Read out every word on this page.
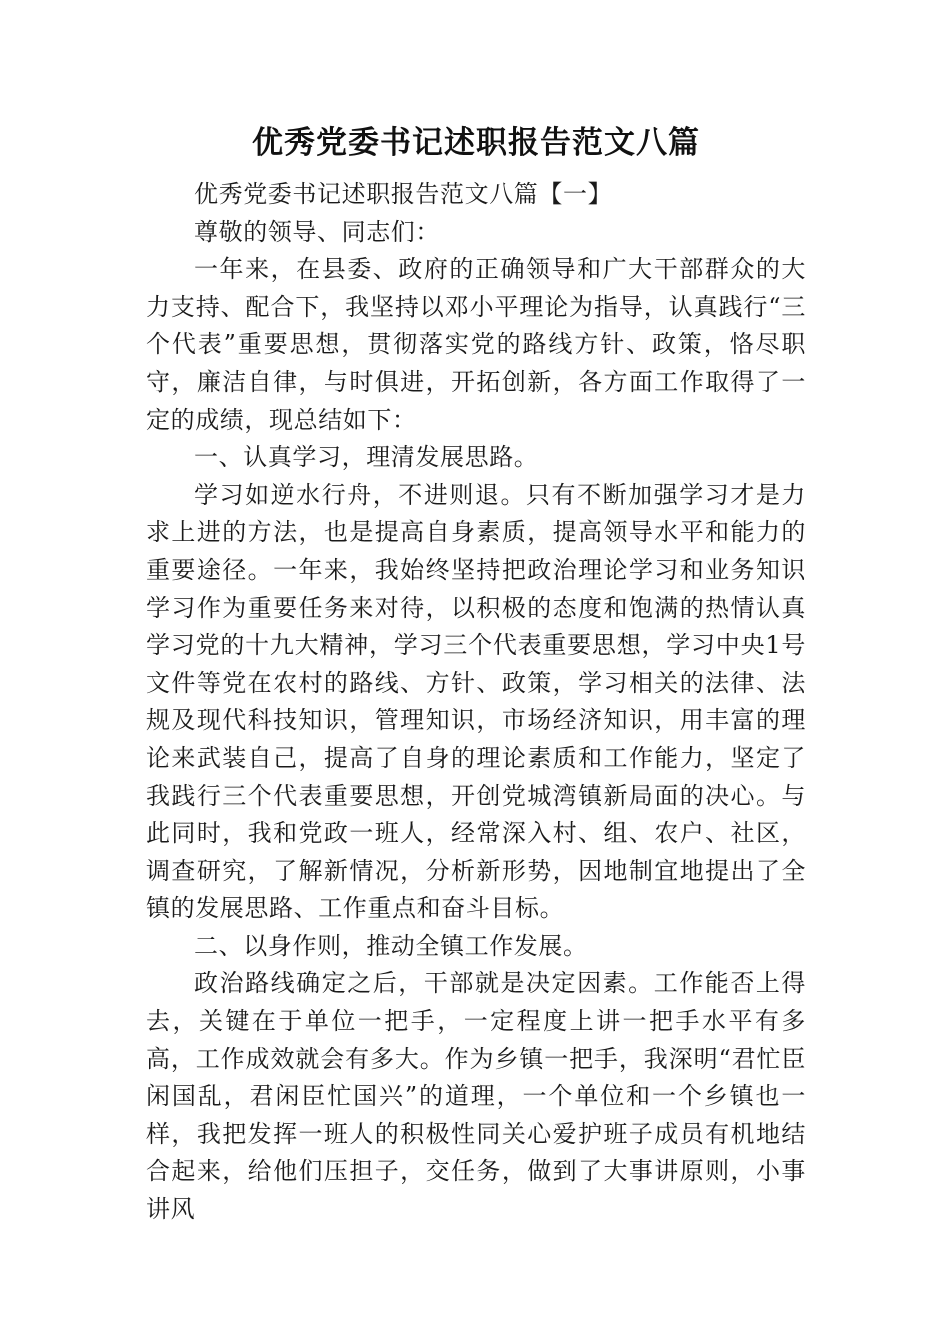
优秀党委书记述职报告范文八篇

优秀党委书记述职报告范文八篇【一】

尊敬的领导、同志们：

一年来，在县委、政府的正确领导和广大干部群众的大力支持、配合下，我坚持以邓小平理论为指导，认真践行“三个代表”重要思想，贯彻落实党的路线方针、政策，恪尽职守，廉洁自律，与时俱进，开拓创新，各方面工作取得了一定的成绩，现总结如下：

一、认真学习，理清发展思路。

学习如逆水行舟，不进则退。只有不断加强学习才是力求上进的方法，也是提高自身素质，提高领导水平和能力的重要途径。一年来，我始终坚持把政治理论学习和业务知识学习作为重要任务来对待，以积极的态度和饱满的热情认真学习党的十九大精神，学习三个代表重要思想，学习中央1号文件等党在农村的路线、方针、政策，学习相关的法律、法规及现代科技知识，管理知识，市场经济知识，用丰富的理论来武装自己，提高了自身的理论素质和工作能力，坚定了我践行三个代表重要思想，开创党城湾镇新局面的决心。与此同时，我和党政一班人，经常深入村、组、农户、社区，调查研究，了解新情况，分析新形势，因地制宜地提出了全镇的发展思路、工作重点和奋斗目标。

二、以身作则，推动全镇工作发展。

政治路线确定之后，干部就是决定因素。工作能否上得去，关键在于单位一把手，一定程度上讲一把手水平有多高，工作成效就会有多大。作为乡镇一把手，我深明“君忙臣闲国乱，君闲臣忙国兴”的道理，一个单位和一个乡镇也一样，我把发挥一班人的积极性同关心爱护班子成员有机地结合起来，给他们压担子，交任务，做到了大事讲原则，小事讲风
